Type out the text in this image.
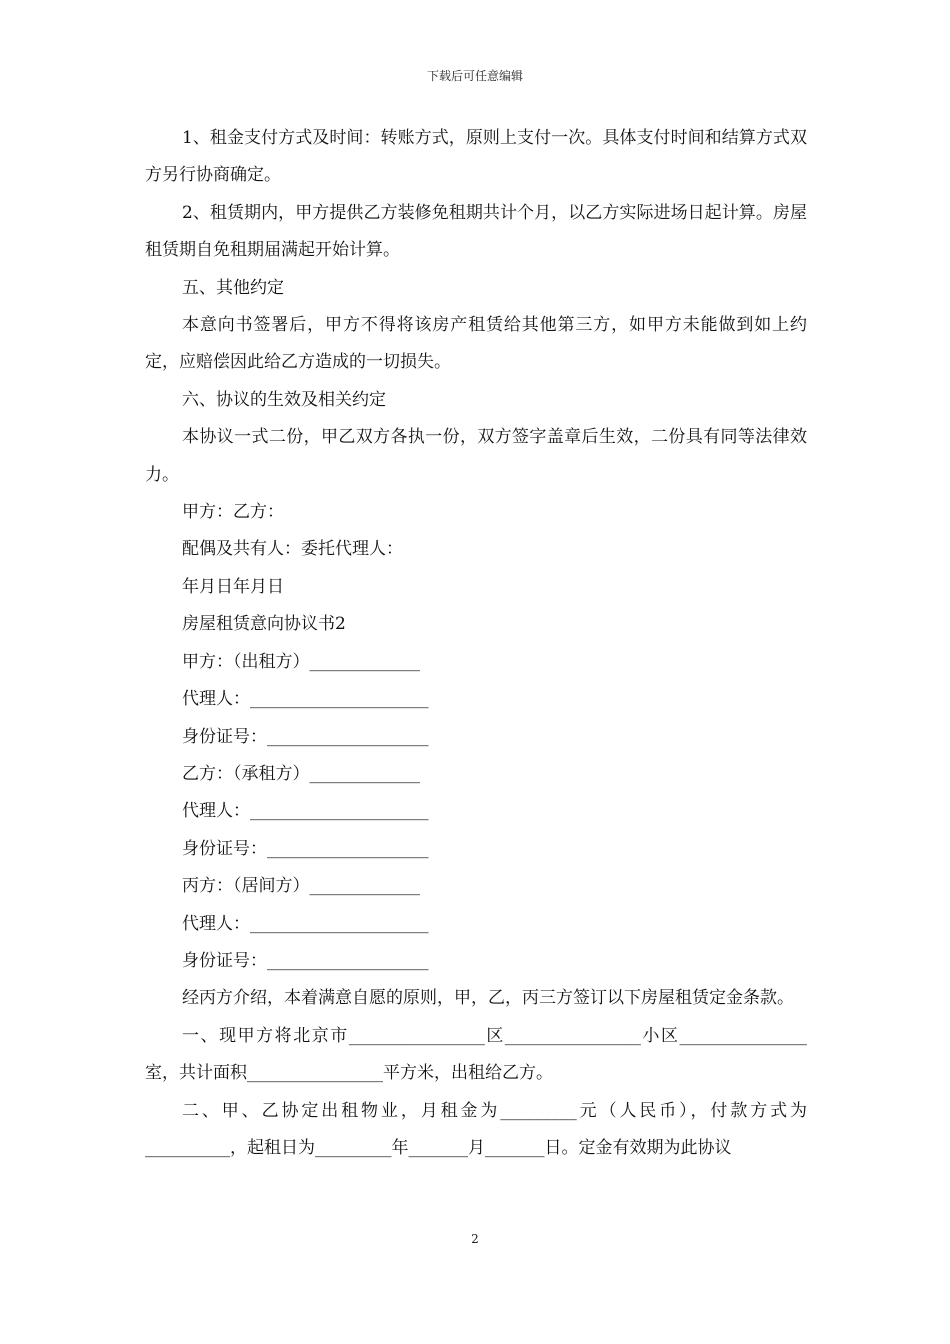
下载后可任意编辑

1、租金支付方式及时间：转账方式，原则上支付一次。具体支付时间和结算方式双方另行协商确定。

2、租赁期内，甲方提供乙方装修免租期共计个月，以乙方实际进场日起计算。房屋租赁期自免租期届满起开始计算。

五、其他约定

本意向书签署后，甲方不得将该房产租赁给其他第三方，如甲方未能做到如上约定，应赔偿因此给乙方造成的一切损失。

六、协议的生效及相关约定

本协议一式二份，甲乙双方各执一份，双方签字盖章后生效，二份具有同等法律效力。

甲方：乙方：

配偶及共有人：委托代理人：

年月日年月日

房屋租赁意向协议书2

甲方：（出租方）_____________

代理人：_____________________

身份证号：___________________

乙方：（承租方）_____________

代理人：_____________________

身份证号：___________________

丙方：（居间方）_____________

代理人：_____________________

身份证号：___________________

经丙方介绍，本着满意自愿的原则，甲，乙，丙三方签订以下房屋租赁定金条款。

一、现甲方将北京市________________区________________小区_______________室，共计面积________________平方米，出租给乙方。

二、甲、乙协定出租物业，月租金为_________元（人民币），付款方式为__________，起租日为_________年_______月_______日。定金有效期为此协议

2
